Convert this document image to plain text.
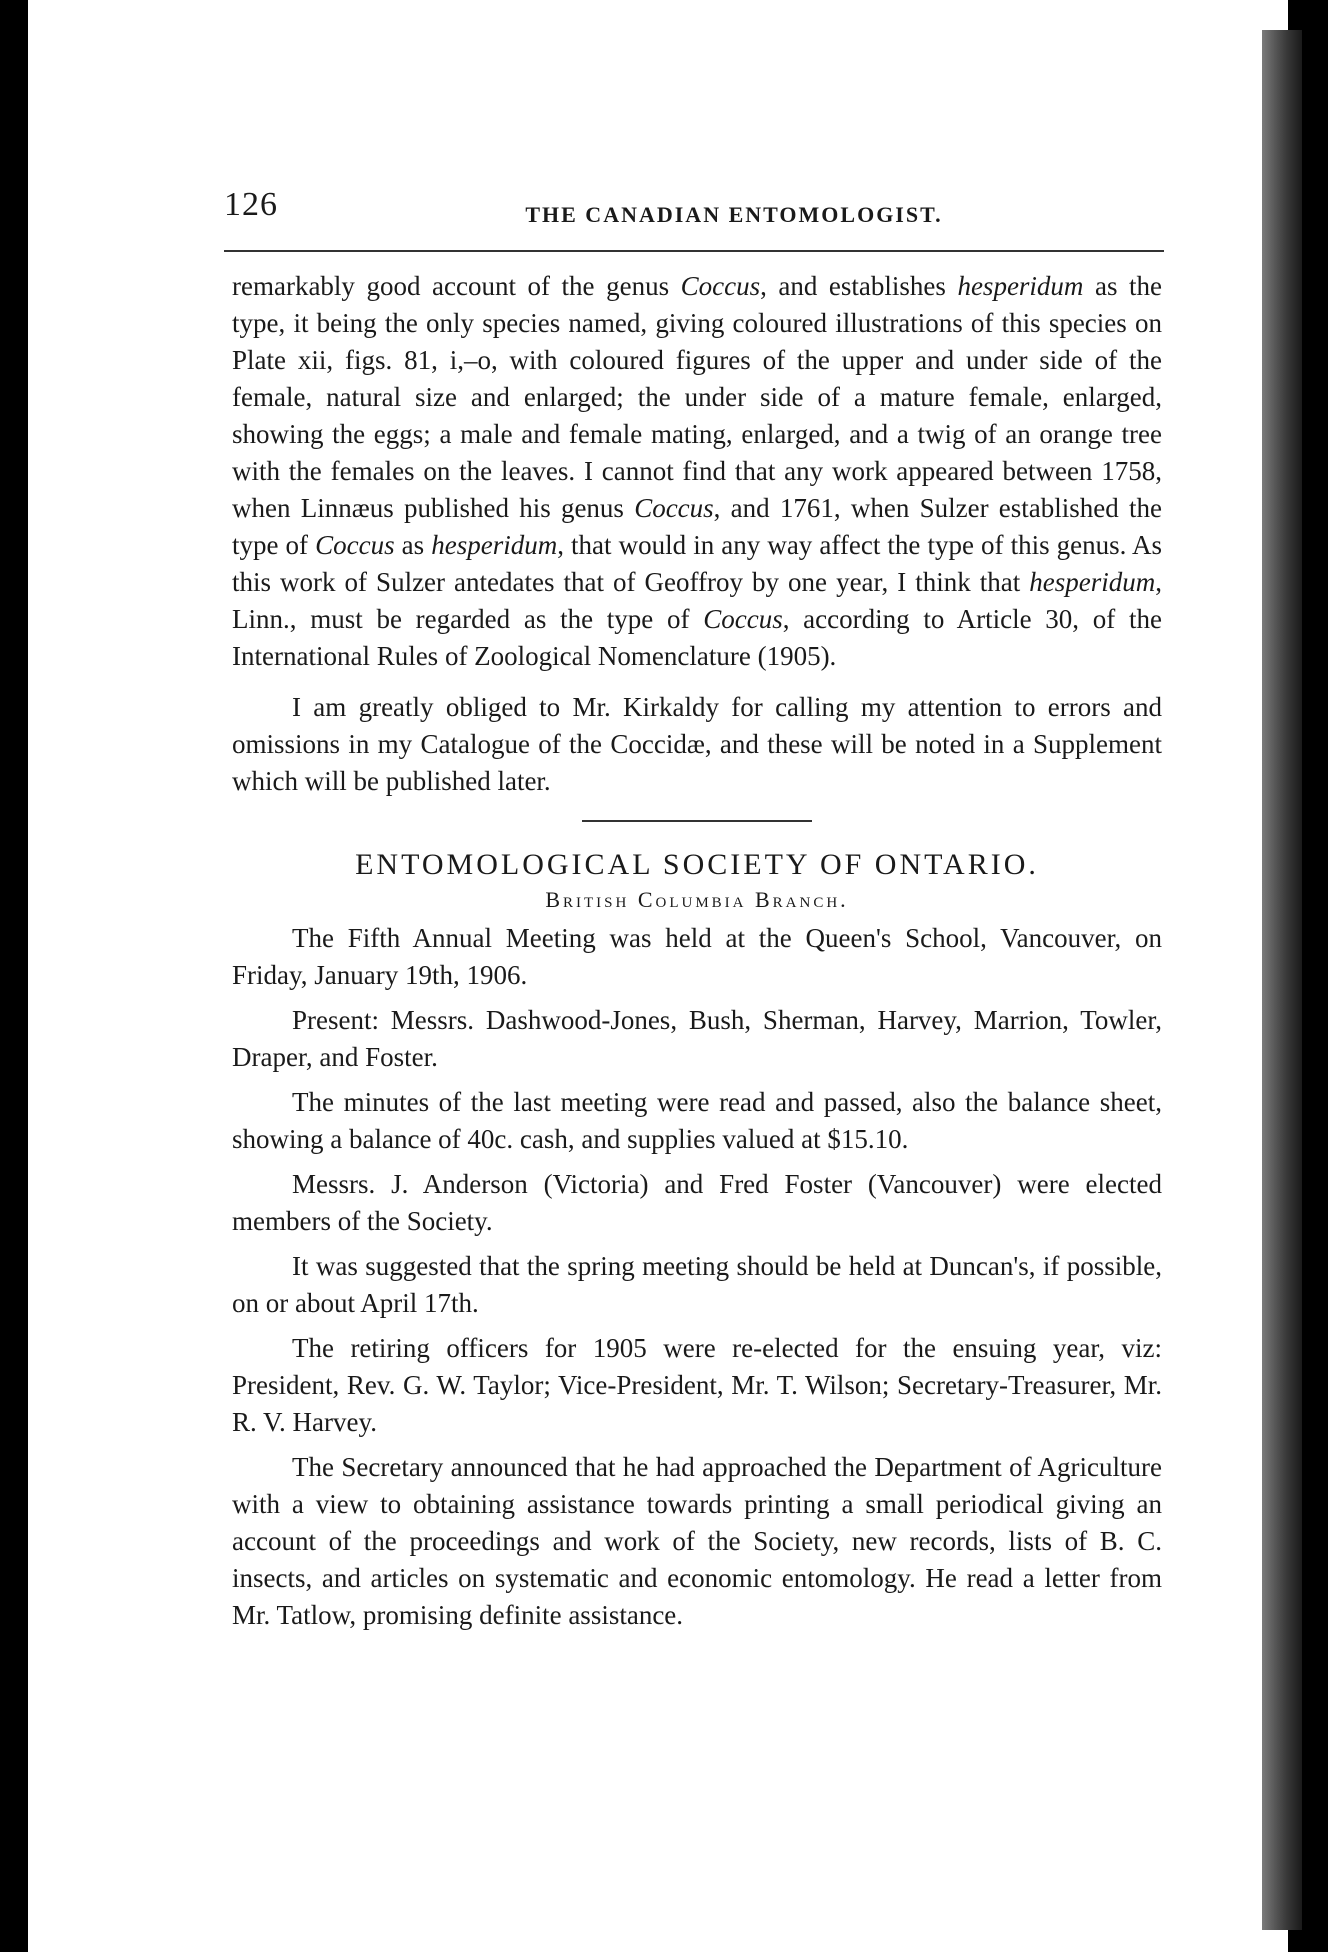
126	THE CANADIAN ENTOMOLOGIST.

remarkably good account of the genus Coccus, and establishes hesperidum as the type, it being the only species named, giving coloured illustrations of this species on Plate xii, figs. 81, i,–o, with coloured figures of the upper and under side of the female, natural size and enlarged; the under side of a mature female, enlarged, showing the eggs; a male and female mating, enlarged, and a twig of an orange tree with the females on the leaves. I cannot find that any work appeared between 1758, when Linnæus published his genus Coccus, and 1761, when Sulzer established the type of Coccus as hesperidum, that would in any way affect the type of this genus. As this work of Sulzer antedates that of Geoffroy by one year, I think that hesperidum, Linn., must be regarded as the type of Coccus, according to Article 30, of the International Rules of Zoological Nomenclature (1905).

I am greatly obliged to Mr. Kirkaldy for calling my attention to errors and omissions in my Catalogue of the Coccidæ, and these will be noted in a Supplement which will be published later.

ENTOMOLOGICAL SOCIETY OF ONTARIO.
British Columbia Branch.

The Fifth Annual Meeting was held at the Queen's School, Vancouver, on Friday, January 19th, 1906.

Present: Messrs. Dashwood-Jones, Bush, Sherman, Harvey, Marrion, Towler, Draper, and Foster.

The minutes of the last meeting were read and passed, also the balance sheet, showing a balance of 40c. cash, and supplies valued at $15.10.

Messrs. J. Anderson (Victoria) and Fred Foster (Vancouver) were elected members of the Society.

It was suggested that the spring meeting should be held at Duncan's, if possible, on or about April 17th.

The retiring officers for 1905 were re-elected for the ensuing year, viz: President, Rev. G. W. Taylor; Vice-President, Mr. T. Wilson; Secretary-Treasurer, Mr. R. V. Harvey.

The Secretary announced that he had approached the Department of Agriculture with a view to obtaining assistance towards printing a small periodical giving an account of the proceedings and work of the Society, new records, lists of B. C. insects, and articles on systematic and economic entomology. He read a letter from Mr. Tatlow, promising definite assistance.
